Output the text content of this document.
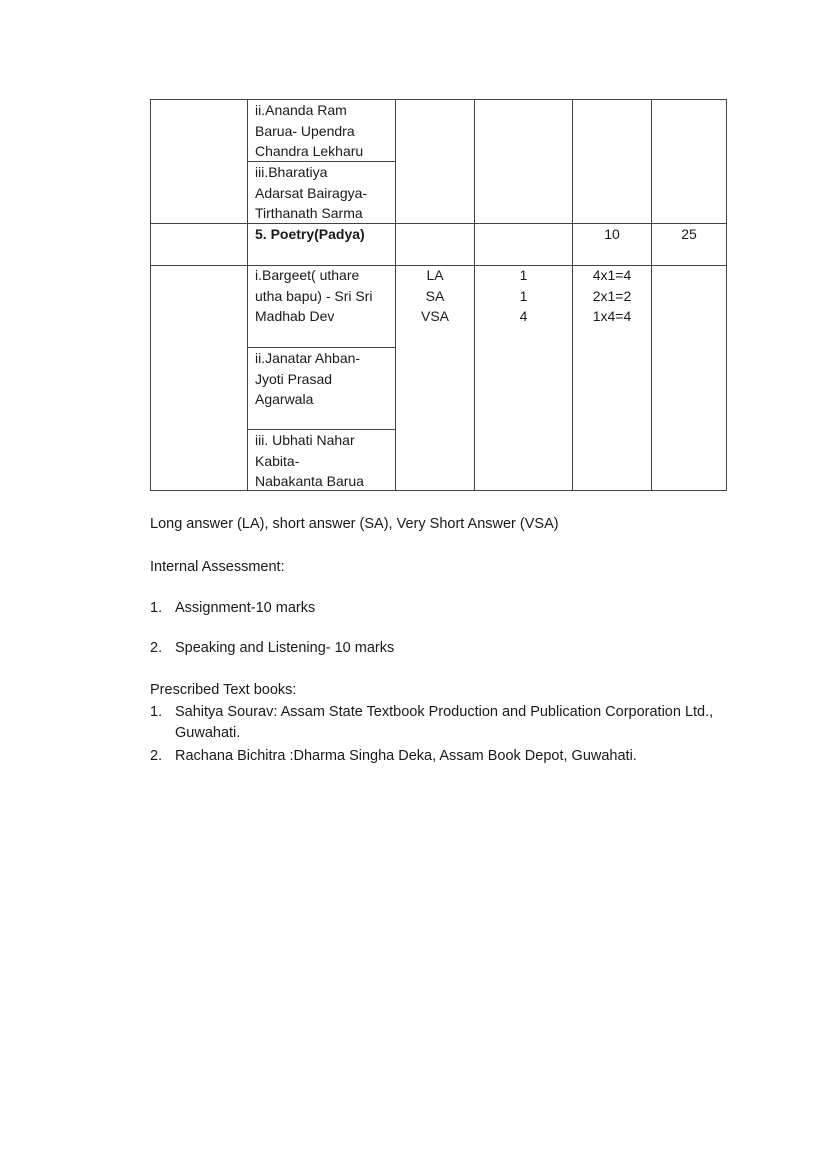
ii.Ananda Ram
Barua- Upendra
Chandra Lekharu
iii.Bharatiya
Adarsat Bairagya-
Tirthanath Sarma
5. Poetry(Padya)	10	25
i.Bargeet( uthare
utha bapu) - Sri Sri
Madhab Dev
LA
SA
VSA
1
1
4
4x1=4
2x1=2
1x4=4
ii.Janatar Ahban-
Jyoti Prasad
Agarwala
iii. Ubhati Nahar
Kabita-
Nabakanta Barua
Long answer (LA), short answer (SA), Very Short Answer (VSA)
Internal Assessment:
1. Assignment-10 marks
2. Speaking and Listening- 10 marks
Prescribed Text books:
1. Sahitya Sourav: Assam State Textbook Production and Publication Corporation Ltd., Guwahati.
2. Rachana Bichitra :Dharma Singha Deka, Assam Book Depot, Guwahati.
